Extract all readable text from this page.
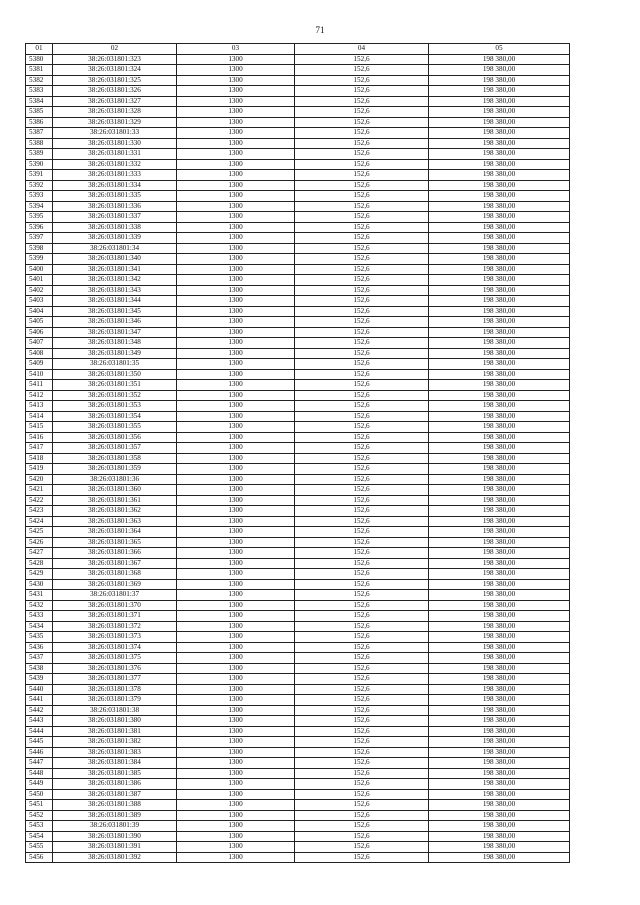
71
01	02	03	04	05
5380	38:26:031801:323	1300	152,6	198 380,00
5381	38:26:031801:324	1300	152,6	198 380,00
5382	38:26:031801:325	1300	152,6	198 380,00
5383	38:26:031801:326	1300	152,6	198 380,00
5384	38:26:031801:327	1300	152,6	198 380,00
5385	38:26:031801:328	1300	152,6	198 380,00
5386	38:26:031801:329	1300	152,6	198 380,00
5387	38:26:031801:33	1300	152,6	198 380,00
5388	38:26:031801:330	1300	152,6	198 380,00
5389	38:26:031801:331	1300	152,6	198 380,00
5390	38:26:031801:332	1300	152,6	198 380,00
5391	38:26:031801:333	1300	152,6	198 380,00
5392	38:26:031801:334	1300	152,6	198 380,00
5393	38:26:031801:335	1300	152,6	198 380,00
5394	38:26:031801:336	1300	152,6	198 380,00
5395	38:26:031801:337	1300	152,6	198 380,00
5396	38:26:031801:338	1300	152,6	198 380,00
5397	38:26:031801:339	1300	152,6	198 380,00
5398	38:26:031801:34	1300	152,6	198 380,00
5399	38:26:031801:340	1300	152,6	198 380,00
5400	38:26:031801:341	1300	152,6	198 380,00
5401	38:26:031801:342	1300	152,6	198 380,00
5402	38:26:031801:343	1300	152,6	198 380,00
5403	38:26:031801:344	1300	152,6	198 380,00
5404	38:26:031801:345	1300	152,6	198 380,00
5405	38:26:031801:346	1300	152,6	198 380,00
5406	38:26:031801:347	1300	152,6	198 380,00
5407	38:26:031801:348	1300	152,6	198 380,00
5408	38:26:031801:349	1300	152,6	198 380,00
5409	38:26:031801:35	1300	152,6	198 380,00
5410	38:26:031801:350	1300	152,6	198 380,00
5411	38:26:031801:351	1300	152,6	198 380,00
5412	38:26:031801:352	1300	152,6	198 380,00
5413	38:26:031801:353	1300	152,6	198 380,00
5414	38:26:031801:354	1300	152,6	198 380,00
5415	38:26:031801:355	1300	152,6	198 380,00
5416	38:26:031801:356	1300	152,6	198 380,00
5417	38:26:031801:357	1300	152,6	198 380,00
5418	38:26:031801:358	1300	152,6	198 380,00
5419	38:26:031801:359	1300	152,6	198 380,00
5420	38:26:031801:36	1300	152,6	198 380,00
5421	38:26:031801:360	1300	152,6	198 380,00
5422	38:26:031801:361	1300	152,6	198 380,00
5423	38:26:031801:362	1300	152,6	198 380,00
5424	38:26:031801:363	1300	152,6	198 380,00
5425	38:26:031801:364	1300	152,6	198 380,00
5426	38:26:031801:365	1300	152,6	198 380,00
5427	38:26:031801:366	1300	152,6	198 380,00
5428	38:26:031801:367	1300	152,6	198 380,00
5429	38:26:031801:368	1300	152,6	198 380,00
5430	38:26:031801:369	1300	152,6	198 380,00
5431	38:26:031801:37	1300	152,6	198 380,00
5432	38:26:031801:370	1300	152,6	198 380,00
5433	38:26:031801:371	1300	152,6	198 380,00
5434	38:26:031801:372	1300	152,6	198 380,00
5435	38:26:031801:373	1300	152,6	198 380,00
5436	38:26:031801:374	1300	152,6	198 380,00
5437	38:26:031801:375	1300	152,6	198 380,00
5438	38:26:031801:376	1300	152,6	198 380,00
5439	38:26:031801:377	1300	152,6	198 380,00
5440	38:26:031801:378	1300	152,6	198 380,00
5441	38:26:031801:379	1300	152,6	198 380,00
5442	38:26:031801:38	1300	152,6	198 380,00
5443	38:26:031801:380	1300	152,6	198 380,00
5444	38:26:031801:381	1300	152,6	198 380,00
5445	38:26:031801:382	1300	152,6	198 380,00
5446	38:26:031801:383	1300	152,6	198 380,00
5447	38:26:031801:384	1300	152,6	198 380,00
5448	38:26:031801:385	1300	152,6	198 380,00
5449	38:26:031801:386	1300	152,6	198 380,00
5450	38:26:031801:387	1300	152,6	198 380,00
5451	38:26:031801:388	1300	152,6	198 380,00
5452	38:26:031801:389	1300	152,6	198 380,00
5453	38:26:031801:39	1300	152,6	198 380,00
5454	38:26:031801:390	1300	152,6	198 380,00
5455	38:26:031801:391	1300	152,6	198 380,00
5456	38:26:031801:392	1300	152,6	198 380,00
